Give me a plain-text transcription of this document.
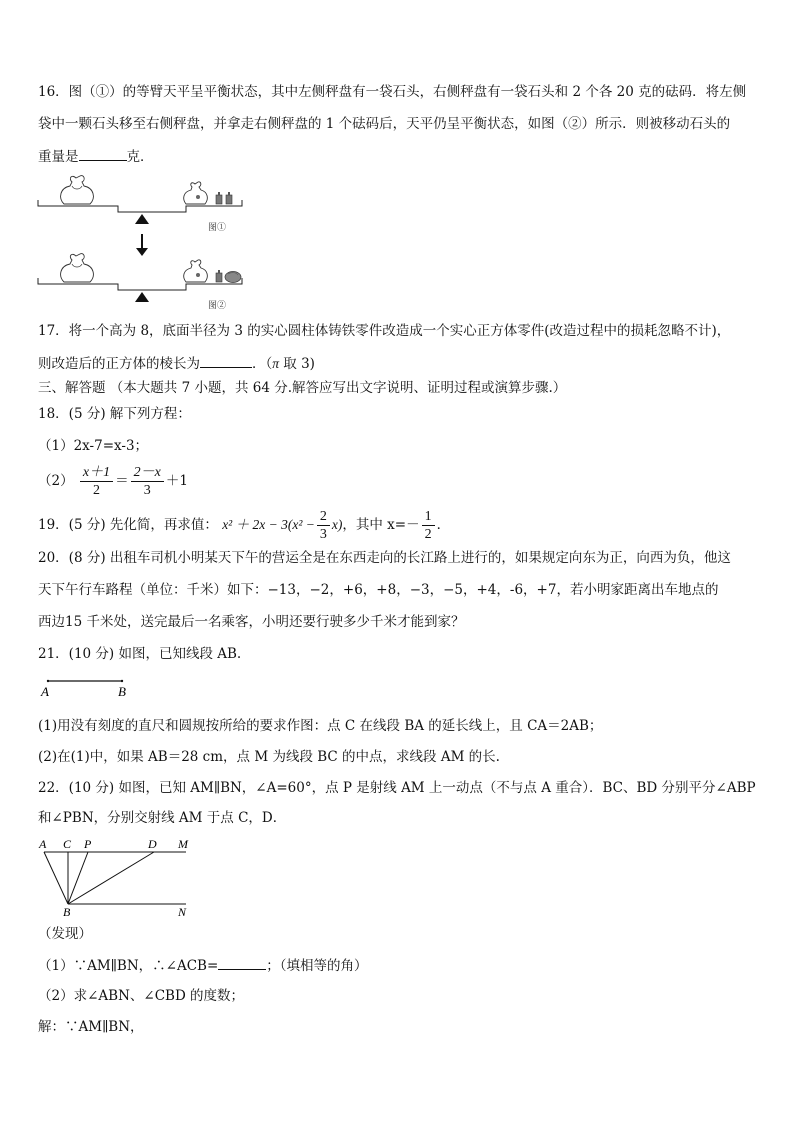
16．图（①）的等臂天平呈平衡状态，其中左侧秤盘有一袋石头，右侧秤盘有一袋石头和 2 个各 20 克的砝码．将左侧
袋中一颗石头移至右侧秤盘，并拿走右侧秤盘的 1 个砝码后，天平仍呈平衡状态，如图（②）所示．则被移动石头的
重量是	克．
图①
图②
17．将一个高为 8，底面半径为 3 的实心圆柱体铸铁零件改造成一个实心正方体零件(改造过程中的损耗忽略不计)，
则改造后的正方体的棱长为	．（π 取 3)
三、解答题 （本大题共 7 小题，共 64 分.解答应写出文字说明、证明过程或演算步骤.）
18．(5 分) 解下列方程：
（1）2x-7=x-3；
$(2) \frac{x+1}{2} = \frac{2-x}{3} +1$
19．(5 分) 先化简，再求值： $x^2 + 2x - 3(x^2 - \frac{2}{3} x)$，其中 $x=- \frac{1}{2}$ ．
20．(8 分) 出租车司机小明某天下午的营运全是在东西走向的长江路上进行的，如果规定向东为正，向西为负，他这
天下午行车路程（单位：千米）如下：−13，−2，+6，+8，−3，−5，+4，-6，+7，若小明家距离出车地点的
西边15 千米处，送完最后一名乘客，小明还要行驶多少千米才能到家？
21．(10 分) 如图，已知线段 AB.
A	B
(1)用没有刻度的直尺和圆规按所给的要求作图：点 C 在线段 BA 的延长线上，且 CA＝2AB；
(2)在(1)中，如果 AB＝28 cm，点 M 为线段 BC 的中点，求线段 AM 的长.
22．(10 分) 如图，已知 AM∥BN，∠A=60°，点 P 是射线 AM 上一动点（不与点 A 重合）．BC、BD 分别平分∠ABP
和∠PBN，分别交射线 AM 于点 C，D．
A C P	D M
B	N
（发现）
（1）∵AM∥BN，∴∠ACB=	；（填相等的角）
（2）求∠ABN、∠CBD 的度数；
解：∵AM∥BN，
